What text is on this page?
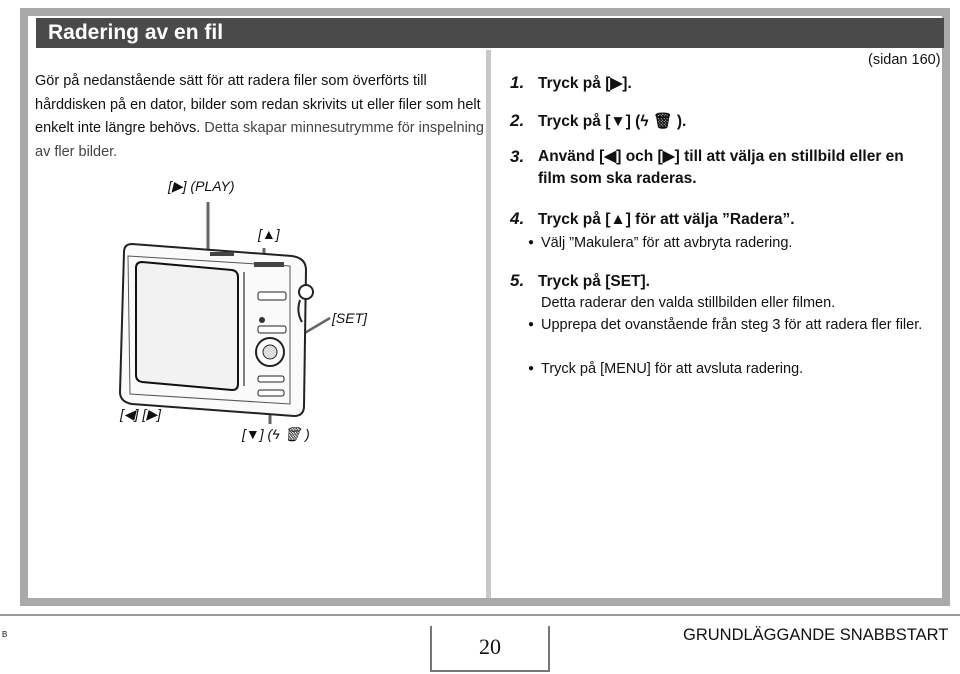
Radering av en fil

Gör på nedanstående sätt för att radera filer som överförts till hårddisken på en dator, bilder som redan skrivits ut eller filer som helt enkelt inte längre behövs. Detta skapar minnesutrymme för inspelning av fler bilder.

[▶] (PLAY)
[▲]
[SET]
[◀] [▶]
[▼] (ϟ 🗑 )
(sidan 160)
1. Tryck på [▶].
2. Tryck på [▼] (ϟ 🗑 ).
3. Använd [◀] och [▶] till att välja en stillbild eller en film som ska raderas.
4. Tryck på [▲] för att välja ”Radera”.
● Välj ”Makulera” för att avbryta radering.
5. Tryck på [SET].
Detta raderar den valda stillbilden eller filmen.
● Upprepa det ovanstående från steg 3 för att radera fler filer.
● Tryck på [MENU] för att avsluta radering.
B	20	GRUNDLÄGGANDE SNABBSTART
